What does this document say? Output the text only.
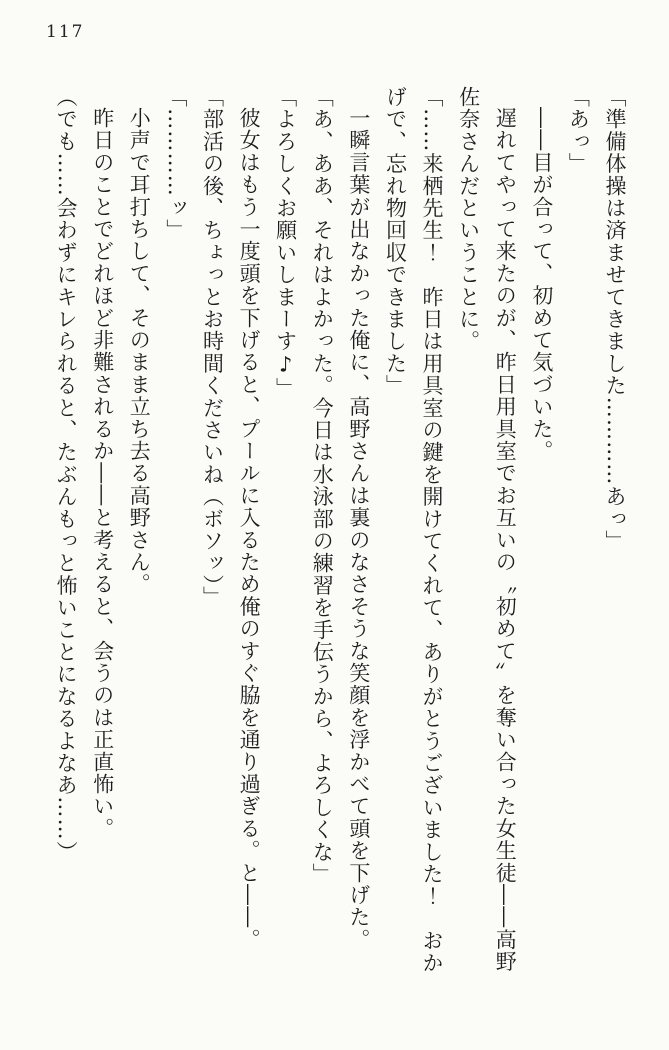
117

「準備体操は済ませてきました…………あっ」

「あっ」

――目が合って、初めて気づいた。

遅れてやって来たのが、昨日用具室でお互いの〝初めて〟を奪い合った女生徒――高野

佐奈さんだということに。

「……来栖先生！　昨日は用具室の鍵を開けてくれて、ありがとうございました！　おか

げで、忘れ物回収できました」

一瞬言葉が出なかった俺に、高野さんは裏のなさそうな笑顔を浮かべて頭を下げた。

「あ、ああ、それはよかった。今日は水泳部の練習を手伝うから、よろしくな」

「よろしくお願いしまーす♪」

彼女はもう一度頭を下げると、プールに入るため俺のすぐ脇を通り過ぎる。と――。

「部活の後、ちょっとお時間くださいね（ボソッ）」

「…………ッ」

小声で耳打ちして、そのまま立ち去る高野さん。

昨日のことでどれほど非難されるか――と考えると、会うのは正直怖い。

（でも……会わずにキレられると、たぶんもっと怖いことになるよなあ……）
